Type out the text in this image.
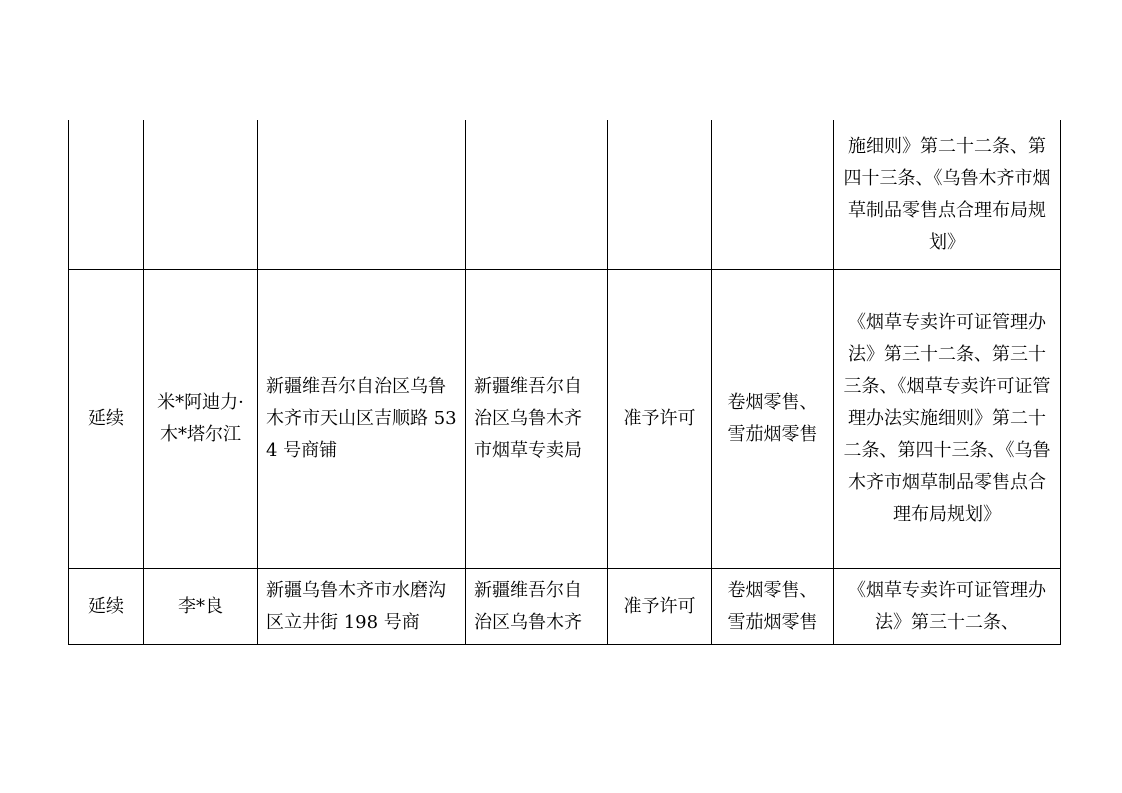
						施细则》第二十二条、第四十三条、《乌鲁木齐市烟草制品零售点合理布局规划》

延续	米*阿迪力·木*塔尔江	新疆维吾尔自治区乌鲁木齐市天山区吉顺路 534 号商铺	新疆维吾尔自治区乌鲁木齐市烟草专卖局	准予许可	卷烟零售、雪茄烟零售	《烟草专卖许可证管理办法》第三十二条、第三十三条、《烟草专卖许可证管理办法实施细则》第二十二条、第四十三条、《乌鲁木齐市烟草制品零售点合理布局规划》

延续	李*良	新疆乌鲁木齐市水磨沟区立井街 198 号商	新疆维吾尔自治区乌鲁木齐	准予许可	卷烟零售、雪茄烟零售	《烟草专卖许可证管理办法》第三十二条、
